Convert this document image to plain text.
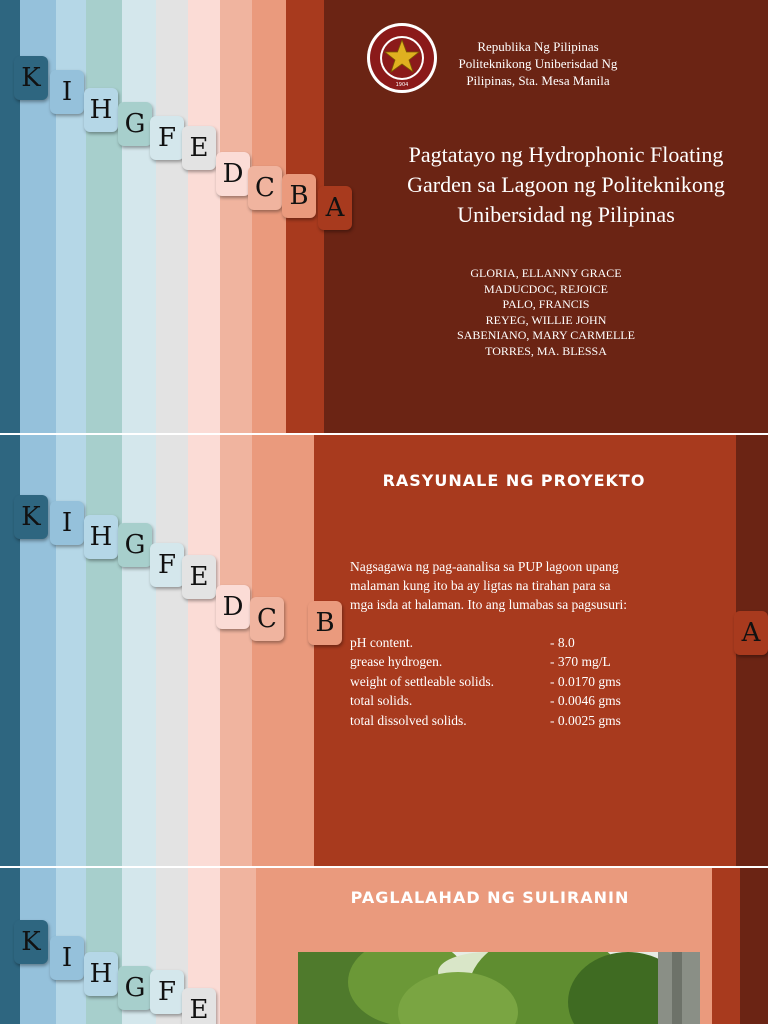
K I
H G F E
D C B A
1904
Republika Ng Pilipinas
Politeknikong Uniberisdad Ng
Pilipinas, Sta. Mesa Manila
Pagtatayo ng Hydrophonic Floating
Garden sa Lagoon ng Politeknikong
Unibersidad ng Pilipinas
GLORIA, ELLANNY GRACE
MADUCDOC, REJOICE
PALO, FRANCIS
REYEG, WILLIE JOHN
SABENIANO, MARY CARMELLE
TORRES, MA. BLESSA
K I H G
F E
D C B	A
RASYUNALE NG PROYEKTO
Nagsagawa ng pag-aanalisa sa PUP lagoon upang
malaman kung ito ba ay ligtas na tirahan para sa
mga isda at halaman. Ito ang lumabas sa pagsusuri:
pH content.	- 8.0
grease hydrogen.	- 370 mg/L
weight of settleable solids.	- 0.0170 gms
total solids.	- 0.0046 gms
total dissolved solids.	- 0.0025 gms
K
I
H G F
E
PAGLALAHAD NG SULIRANIN
